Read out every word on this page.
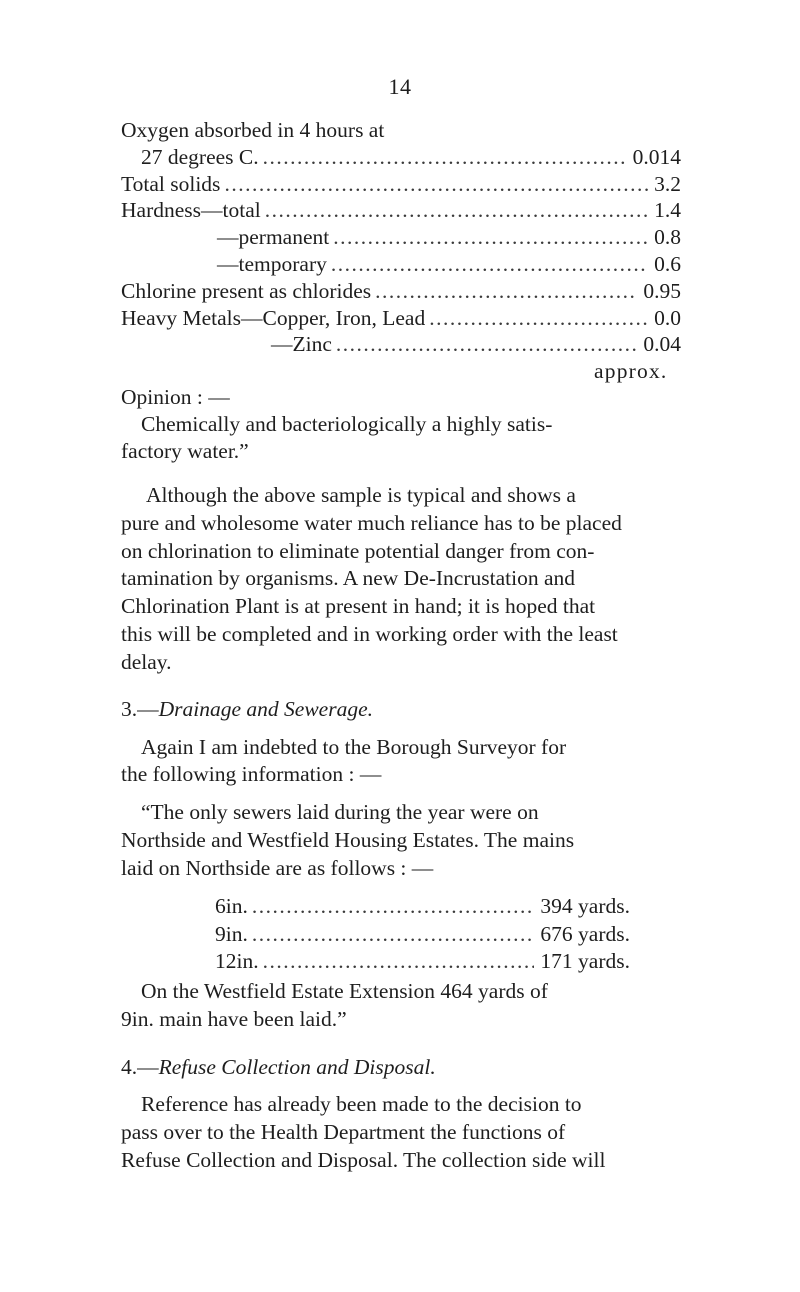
14
Oxygen absorbed in 4 hours at
27 degrees C. .....	0.014
Total solids .....	3.2
Hardness—total .....	1.4
—permanent .....	0.8
—temporary .....	0.6
Chlorine present as chlorides .....	0.95
Heavy Metals—Copper, Iron, Lead .....	0.0
—Zinc .....	0.04
approx.
Opinion : —
Chemically and bacteriologically a highly satis-
factory water.”
Although the above sample is typical and shows a
pure and wholesome water much reliance has to be placed
on chlorination to eliminate potential danger from con-
tamination by organisms. A new De-Incrustation and
Chlorination Plant is at present in hand; it is hoped that
this will be completed and in working order with the least
delay.
3.—Drainage and Sewerage.
Again I am indebted to the Borough Surveyor for
the following information : —
“The only sewers laid during the year were on
Northside and Westfield Housing Estates. The mains
laid on Northside are as follows : —
6in. .....	394 yards.
9in. .....	676 yards.
12in. .....	171 yards.
On the Westfield Estate Extension 464 yards of
9in. main have been laid.”
4.—Refuse Collection and Disposal.
Reference has already been made to the decision to
pass over to the Health Department the functions of
Refuse Collection and Disposal. The collection side will
